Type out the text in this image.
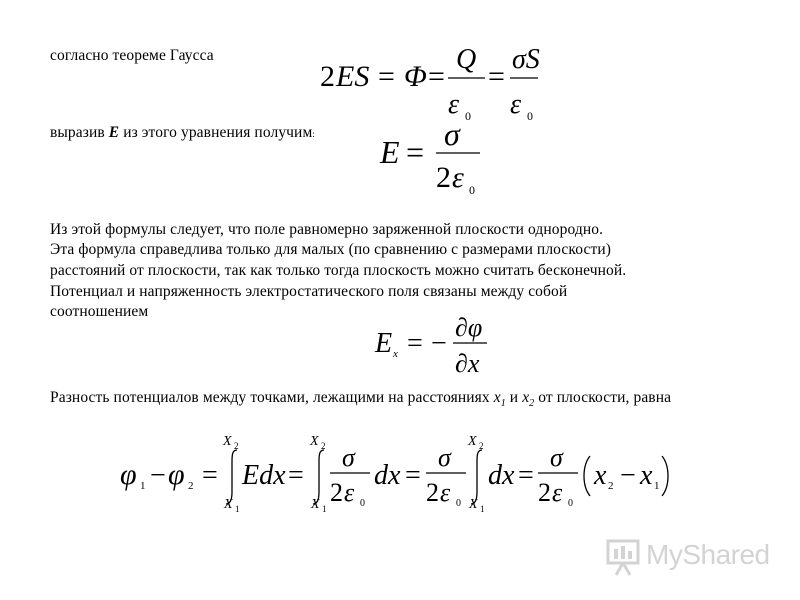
согласно теореме Гаусса
выразив E из этого уравнения получим:
Из этой формулы следует, что поле равномерно заряженной плоскости однородно.
Эта формула справедлива только для малых (по сравнению с размерами плоскости)
расстояний от плоскости, так как только тогда плоскость можно считать бесконечной.
Потенциал и напряженность электростатического поля связаны между собой
соотношением
Разность потенциалов между точками, лежащими на расстояниях $x_1$ и $x_2$ от плоскости, равна
2 ES = Φ =
Q
ε 0
=
σS
ε 0
E = σ
2 ε 0
E x = −
∂φ
∂x
φ 1 − φ 2 =
X 2
X 1
Edx =
X 2
X 1
σ
2 ε 0
dx =
σ
2 ε 0
X 2
X 1
dx =
σ
2 ε 0
x 2 − x 1
MyShared
